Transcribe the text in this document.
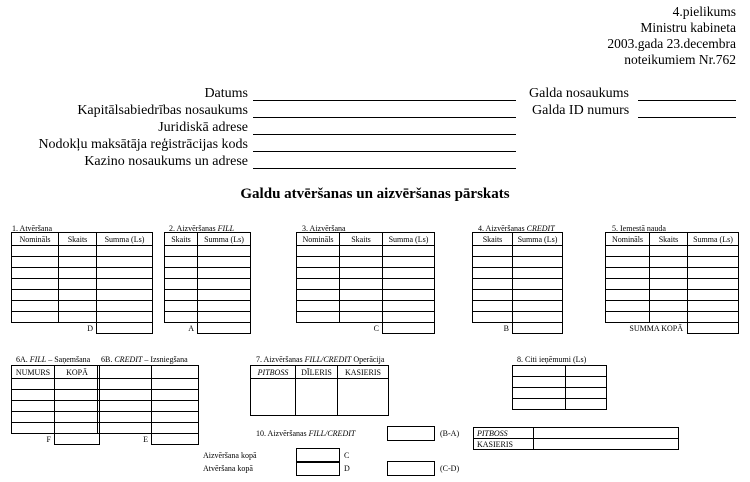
4.pielikums
Ministru kabineta
2003.gada 23.decembra
noteikumiem Nr.762
Datums
Kapitālsabiedrības nosaukums
Juridiskā adrese
Nodokļu maksātāja reģistrācijas kods
Kazino nosaukums un adrese
Galda nosaukums
Galda ID numurs
Galdu atvēršanas un aizvēršanas pārskats
1. Atvēršana
Nomināls	Skaits	Summa (Ls)

	D	
2. Aizvēršanas FILL
Skaits	Summa (Ls)

A	
3. Aizvēršana
Nomināls	Skaits	Summa (Ls)

	C	
4. Aizvēršanas CREDIT
Skaits	Summa (Ls)

B	
5. Iemestā nauda
Nomināls	Skaits	Summa (Ls)

SUMMA KOPĀ		
6A. FILL – Saņemšana
NUMURS	KOPĀ

F	
6B. CREDIT – Izsniegšana

E	
7. Aizvēršanas FILL/CREDIT Operācija
PITBOSS	DĪLERIS	KASIERIS

8. Citi ieņēmumi (Ls)

10. Aizvēršanas FILL/CREDIT	(B-A)
Aizvēršana kopā	C
Atvēršana kopā	D	(C-D)
PITBOSS	
KASIERIS	
